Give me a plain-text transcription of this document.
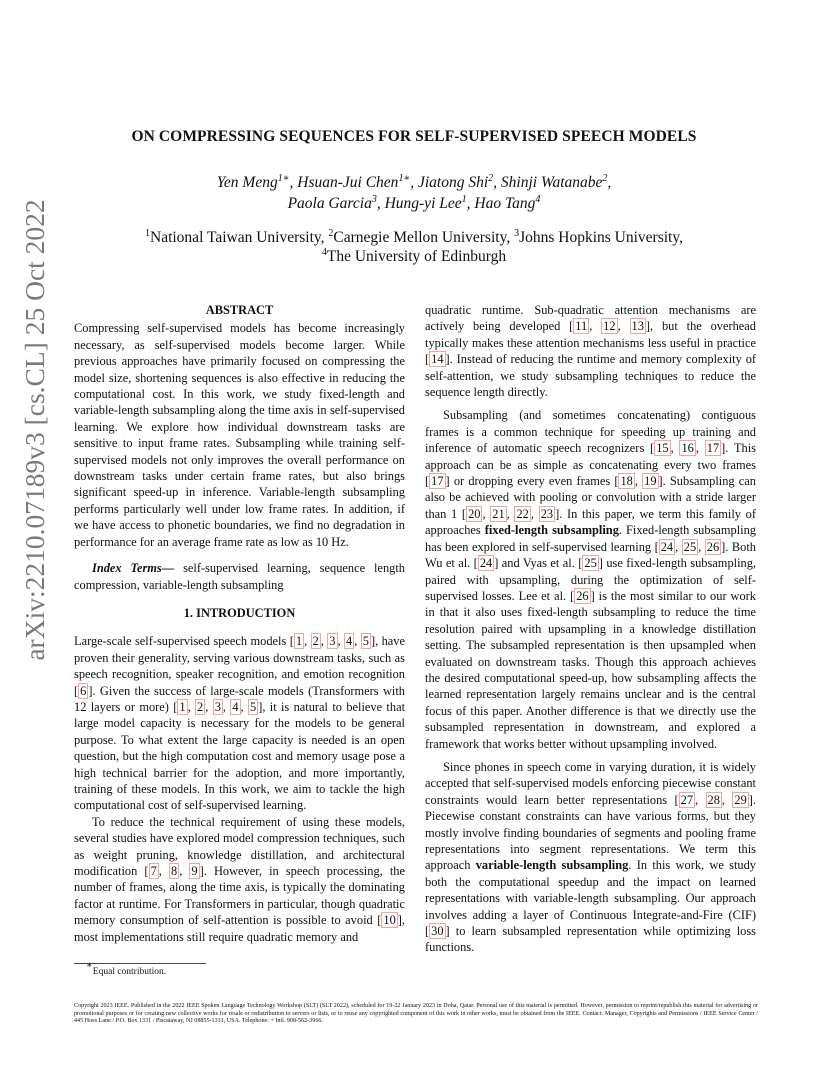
arXiv:2210.07189v3 [cs.CL] 25 Oct 2022
ON COMPRESSING SEQUENCES FOR SELF-SUPERVISED SPEECH MODELS
Yen Meng$^{1∗}$, Hsuan-Jui Chen$^{1∗}$, Jiatong Shi$^2$, Shinji Watanabe$^2$,
Paola Garcia$^3$, Hung-yi Lee$^1$, Hao Tang$^4$
$^1$National Taiwan University, $^2$Carnegie Mellon University, $^3$Johns Hopkins University,
$^4$The University of Edinburgh
ABSTRACT

Compressing self-supervised models has become increasingly necessary, as self-supervised models become larger. While previous approaches have primarily focused on compressing the model size, shortening sequences is also effective in reducing the computational cost. In this work, we study fixed-length and variable-length subsampling along the time axis in self-supervised learning. We explore how individual downstream tasks are sensitive to input frame rates. Subsampling while training self-supervised models not only improves the overall performance on downstream tasks under certain frame rates, but also brings significant speed-up in inference. Variable-length subsampling performs particularly well under low frame rates. In addition, if we have access to phonetic boundaries, we find no degradation in performance for an average frame rate as low as 10 Hz.

Index Terms— self-supervised learning, sequence length compression, variable-length subsampling

1. INTRODUCTION

Large-scale self-supervised speech models [ 1 , 2 , 3 , 4 , 5 ], have proven their generality, serving various downstream tasks, such as speech recognition, speaker recognition, and emotion recognition [ 6 ]. Given the success of large-scale models (Transformers with 12 layers or more) [ 1 , 2 , 3 , 4 , 5 ], it is natural to believe that large model capacity is necessary for the models to be general purpose. To what extent the large capacity is needed is an open question, but the high computation cost and memory usage pose a high technical barrier for the adoption, and more importantly, training of these models. In this work, we aim to tackle the high computational cost of self-supervised learning.

To reduce the technical requirement of using these models, several studies have explored model compression techniques, such as weight pruning, knowledge distillation, and architectural modification [ 7 , 8 , 9 ]. However, in speech processing, the number of frames, along the time axis, is typically the dominating factor at runtime. For Transformers in particular, though quadratic memory consumption of self-attention is possible to avoid [ 10 ], most implementations still require quadratic memory and

quadratic runtime. Sub-quadratic attention mechanisms are actively being developed [ 11 , 12 , 13 ], but the overhead typically makes these attention mechanisms less useful in practice [ 14 ]. Instead of reducing the runtime and memory complexity of self-attention, we study subsampling techniques to reduce the sequence length directly.

Subsampling (and sometimes concatenating) contiguous frames is a common technique for speeding up training and inference of automatic speech recognizers [ 15 , 16 , 17 ]. This approach can be as simple as concatenating every two frames [ 17 ] or dropping every even frames [ 18 , 19 ]. Subsampling can also be achieved with pooling or convolution with a stride larger than 1 [ 20 , 21 , 22 , 23 ]. In this paper, we term this family of approaches fixed-length subsampling. Fixed-length subsampling has been explored in self-supervised learning [ 24 , 25 , 26 ]. Both Wu et al. [ 24 ] and Vyas et al. [ 25 ] use fixed-length subsampling, paired with upsampling, during the optimization of self-supervised losses. Lee et al. [ 26 ] is the most similar to our work in that it also uses fixed-length subsampling to reduce the time resolution paired with upsampling in a knowledge distillation setting. The subsampled representation is then upsampled when evaluated on downstream tasks. Though this approach achieves the desired computational speed-up, how subsampling affects the learned representation largely remains unclear and is the central focus of this paper. Another difference is that we directly use the subsampled representation in downstream, and explored a framework that works better without upsampling involved.

Since phones in speech come in varying duration, it is widely accepted that self-supervised models enforcing piecewise constant constraints would learn better representations [ 27 , 28 , 29 ]. Piecewise constant constraints can have various forms, but they mostly involve finding boundaries of segments and pooling frame representations into segment representations. We term this approach variable-length subsampling. In this work, we study both the computational speedup and the impact on learned representations with variable-length subsampling. Our approach involves adding a layer of Continuous Integrate-and-Fire (CIF) [ 30 ] to learn subsampled representation while optimizing loss functions.

∗Equal contribution.
Copyright 2023 IEEE. Published in the 2022 IEEE Spoken Language Technology Workshop (SLT) (SLT 2022), scheduled for 19-22 January 2023 in Doha, Qatar. Personal use of this material is permitted. However, permission to reprint/republish this material for advertising or promotional purposes or for creating new collective works for resale or redistribution to servers or lists, or to reuse any copyrighted component of this work in other works, must be obtained from the IEEE. Contact: Manager, Copyrights and Permissions / IEEE Service Center / 445 Hoes Lane / P.O. Box 1331 / Piscataway, NJ 08855-1331, USA. Telephone: + Intl. 908-562-3966.
